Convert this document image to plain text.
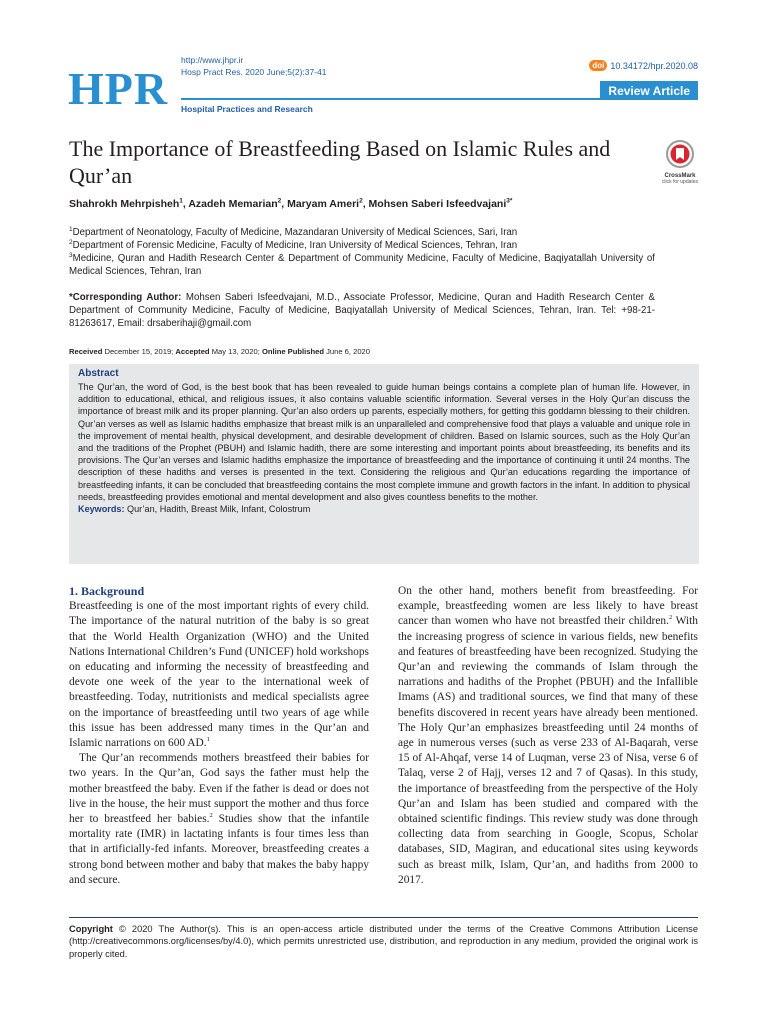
HPR
http://www.jhpr.ir
Hosp Pract Res. 2020 June;5(2):37-41
Hospital Practices and Research
doi 10.34172/hpr.2020.08
Review Article
The Importance of Breastfeeding Based on Islamic Rules and Qur’an	CrossMark
click for updates
Shahrokh Mehrpisheh$^1$, Azadeh Memarian$^2$, Maryam Ameri$^2$, Mohsen Saberi Isfeedvajani$^{3*}$

$^1$Department of Neonatology, Faculty of Medicine, Mazandaran University of Medical Sciences, Sari, Iran

$^2$Department of Forensic Medicine, Faculty of Medicine, Iran University of Medical Sciences, Tehran, Iran

$^3$Medicine, Quran and Hadith Research Center & Department of Community Medicine, Faculty of Medicine, Baqiyatallah University of Medical Sciences, Tehran, Iran

*Corresponding Author: Mohsen Saberi Isfeedvajani, M.D., Associate Professor, Medicine, Quran and Hadith Research Center & Department of Community Medicine, Faculty of Medicine, Baqiyatallah University of Medical Sciences, Tehran, Iran. Tel: +98-21-81263617, Email: drsaberihaji@gmail.com
Received December 15, 2019; Accepted May 13, 2020; Online Published June 6, 2020
Abstract
The Qur’an, the word of God, is the best book that has been revealed to guide human beings contains a complete plan of human life. However, in addition to educational, ethical, and religious issues, it also contains valuable scientific information. Several verses in the Holy Qur’an discuss the importance of breast milk and its proper planning. Qur’an also orders up parents, especially mothers, for getting this goddamn blessing to their children. Qur’an verses as well as Islamic hadiths emphasize that breast milk is an unparalleled and comprehensive food that plays a valuable and unique role in the improvement of mental health, physical development, and desirable development of children. Based on Islamic sources, such as the Holy Qur’an and the traditions of the Prophet (PBUH) and Islamic hadith, there are some interesting and important points about breastfeeding, its benefits and its provisions. The Qur’an verses and Islamic hadiths emphasize the importance of breastfeeding and the importance of continuing it until 24 months. The description of these hadiths and verses is presented in the text. Considering the religious and Qur’an educations regarding the importance of breastfeeding infants, it can be concluded that breastfeeding contains the most complete immune and growth factors in the infant. In addition to physical needs, breastfeeding provides emotional and mental development and also gives countless benefits to the mother.
Keywords: Qur’an, Hadith, Breast Milk, Infant, Colostrum
1. Background

Breastfeeding is one of the most important rights of every child. The importance of the natural nutrition of the baby is so great that the World Health Organization (WHO) and the United Nations International Children’s Fund (UNICEF) hold workshops on educating and informing the necessity of breastfeeding and devote one week of the year to the international week of breastfeeding. Today, nutritionists and medical specialists agree on the importance of breastfeeding until two years of age while this issue has been addressed many times in the Qur’an and Islamic narrations on 600 AD.$^1$

The Qur’an recommends mothers breastfeed their babies for two years. In the Qur’an, God says the father must help the mother breastfeed the baby. Even if the father is dead or does not live in the house, the heir must support the mother and thus force her to breastfeed her babies.$^2$ Studies show that the infantile mortality rate (IMR) in lactating infants is four times less than that in artificially-fed infants. Moreover, breastfeeding creates a strong bond between mother and baby that makes the baby happy and secure.

On the other hand, mothers benefit from breastfeeding. For example, breastfeeding women are less likely to have breast cancer than women who have not breastfed their children.$^2$ With the increasing progress of science in various fields, new benefits and features of breastfeeding have been recognized. Studying the Qur’an and reviewing the commands of Islam through the narrations and hadiths of the Prophet (PBUH) and the Infallible Imams (AS) and traditional sources, we find that many of these benefits discovered in recent years have already been mentioned. The Holy Qur’an emphasizes breastfeeding until 24 months of age in numerous verses (such as verse 233 of Al-Baqarah, verse 15 of Al-Ahqaf, verse 14 of Luqman, verse 23 of Nisa, verse 6 of Talaq, verse 2 of Hajj, verses 12 and 7 of Qasas). In this study, the importance of breastfeeding from the perspective of the Holy Qur’an and Islam has been studied and compared with the obtained scientific findings. This review study was done through collecting data from searching in Google, Scopus, Scholar databases, SID, Magiran, and educational sites using keywords such as breast milk, Islam, Qur’an, and hadiths from 2000 to 2017.

Copyright © 2020 The Author(s). This is an open-access article distributed under the terms of the Creative Commons Attribution License (http://creativecommons.org/licenses/by/4.0), which permits unrestricted use, distribution, and reproduction in any medium, provided the original work is properly cited.
